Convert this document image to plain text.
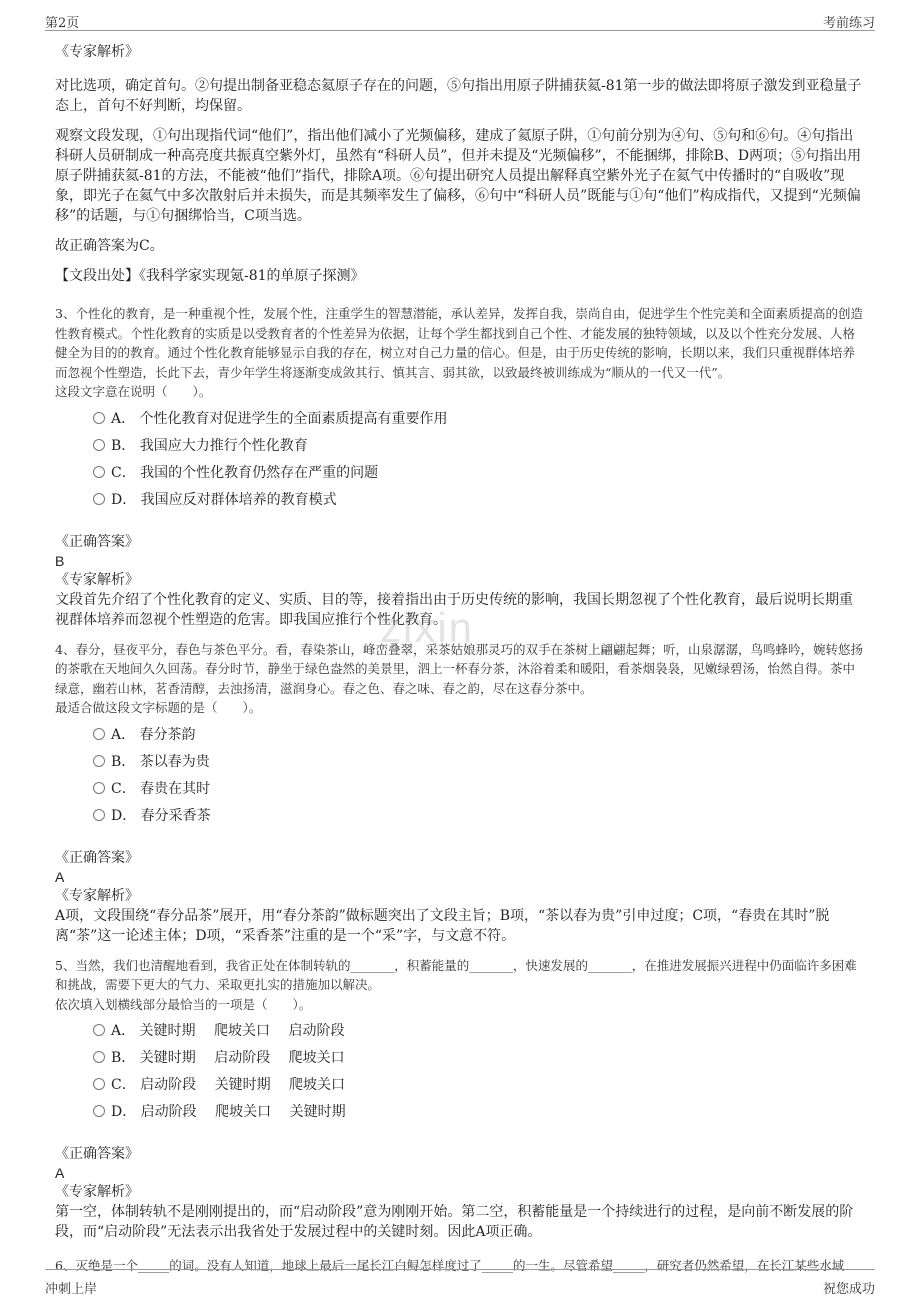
第2页	考前练习
zixin
《专家解析》

对比选项，确定首句。②句提出制备亚稳态氦原子存在的问题，⑤句指出用原子阱捕获氦-81第一步的做法即将原子激发到亚稳量子态上，首句不好判断，均保留。

观察文段发现，①句出现指代词“他们”，指出他们减小了光频偏移，建成了氦原子阱，①句前分别为④句、⑤句和⑥句。④句指出科研人员研制成一种高亮度共振真空紫外灯，虽然有“科研人员”，但并未提及“光频偏移”，不能捆绑，排除B、D两项；⑤句指出用原子阱捕获氦-81的方法，不能被“他们”指代，排除A项。⑥句提出研究人员提出解释真空紫外光子在氦气中传播时的“自吸收”现象，即光子在氦气中多次散射后并未损失，而是其频率发生了偏移，⑥句中“科研人员”既能与①句“他们”构成指代，又提到“光频偏移”的话题，与①句捆绑恰当，C项当选。

故正确答案为C。

【文段出处】《我科学家实现氪-81的单原子探测》

3、个性化的教育，是一种重视个性，发展个性，注重学生的智慧潜能，承认差异，发挥自我，崇尚自由，促进学生个性完美和全面素质提高的创造性教育模式。个性化教育的实质是以受教育者的个性差异为依据，让每个学生都找到自己个性、才能发展的独特领域，以及以个性充分发展、人格健全为目的的教育。通过个性化教育能够显示自我的存在，树立对自己力量的信心。但是，由于历史传统的影响，长期以来，我们只重视群体培养而忽视个性塑造，长此下去，青少年学生将逐渐变成敛其行、慎其言、弱其欲，以致最终被训练成为“顺从的一代又一代”。

这段文字意在说明（　　）。

A． 个性化教育对促进学生的全面素质提高有重要作用
B． 我国应大力推行个性化教育
C． 我国的个性化教育仍然存在严重的问题
D． 我国应反对群体培养的教育模式
《正确答案》
B
《专家解析》

文段首先介绍了个性化教育的定义、实质、目的等，接着指出由于历史传统的影响，我国长期忽视了个性化教育，最后说明长期重视群体培养而忽视个性塑造的危害。即我国应推行个性化教育。

4、春分，昼夜平分，春色与茶色平分。看，春染茶山，峰峦叠翠，采茶姑娘那灵巧的双手在茶树上翩翩起舞；听，山泉潺潺，鸟鸣蜂吟，婉转悠扬的茶歌在天地间久久回荡。春分时节，静坐于绿色盎然的美景里，泗上一杯春分茶，沐浴着柔和暖阳，看茶烟袅袅，见嫩绿碧汤，怡然自得。茶中绿意，幽若山林，茗香清醇，去浊扬清，滋润身心。春之色、春之味、春之韵，尽在这春分茶中。

最适合做这段文字标题的是（　　）。

A． 春分茶韵
B． 茶以春为贵
C． 春贵在其时
D． 春分采香茶
《正确答案》
A
《专家解析》

A项，文段围绕“春分品茶”展开，用“春分茶韵”做标题突出了文段主旨；B项，“茶以春为贵”引申过度；C项，“春贵在其时”脱离“茶”这一论述主体；D项，“采香茶”注重的是一个“采”字，与文意不符。

5、当然，我们也清醒地看到，我省正处在体制转轨的_______，积蓄能量的_______，快速发展的_______，在推进发展振兴进程中仍面临许多困难和挑战，需要下更大的气力、采取更扎实的措施加以解决。

依次填入划横线部分最恰当的一项是（　　）。

A． 关键时期　 爬坡关口　 启动阶段
B． 关键时期　 启动阶段　 爬坡关口
C． 启动阶段　 关键时期　 爬坡关口
D． 启动阶段　 爬坡关口　 关键时期
《正确答案》
A
《专家解析》

第一空，体制转轨不是刚刚提出的，而“启动阶段”意为刚刚开始。第二空，积蓄能量是一个持续进行的过程，是向前不断发展的阶段，而“启动阶段”无法表示出我省处于发展过程中的关键时刻。因此A项正确。

6、灭绝是一个_____的词。没有人知道，地球上最后一尾长江白鲟怎样度过了_____的一生。尽管希望_____，研究者仍然希望，在长江某些水域

冲刺上岸	祝您成功
